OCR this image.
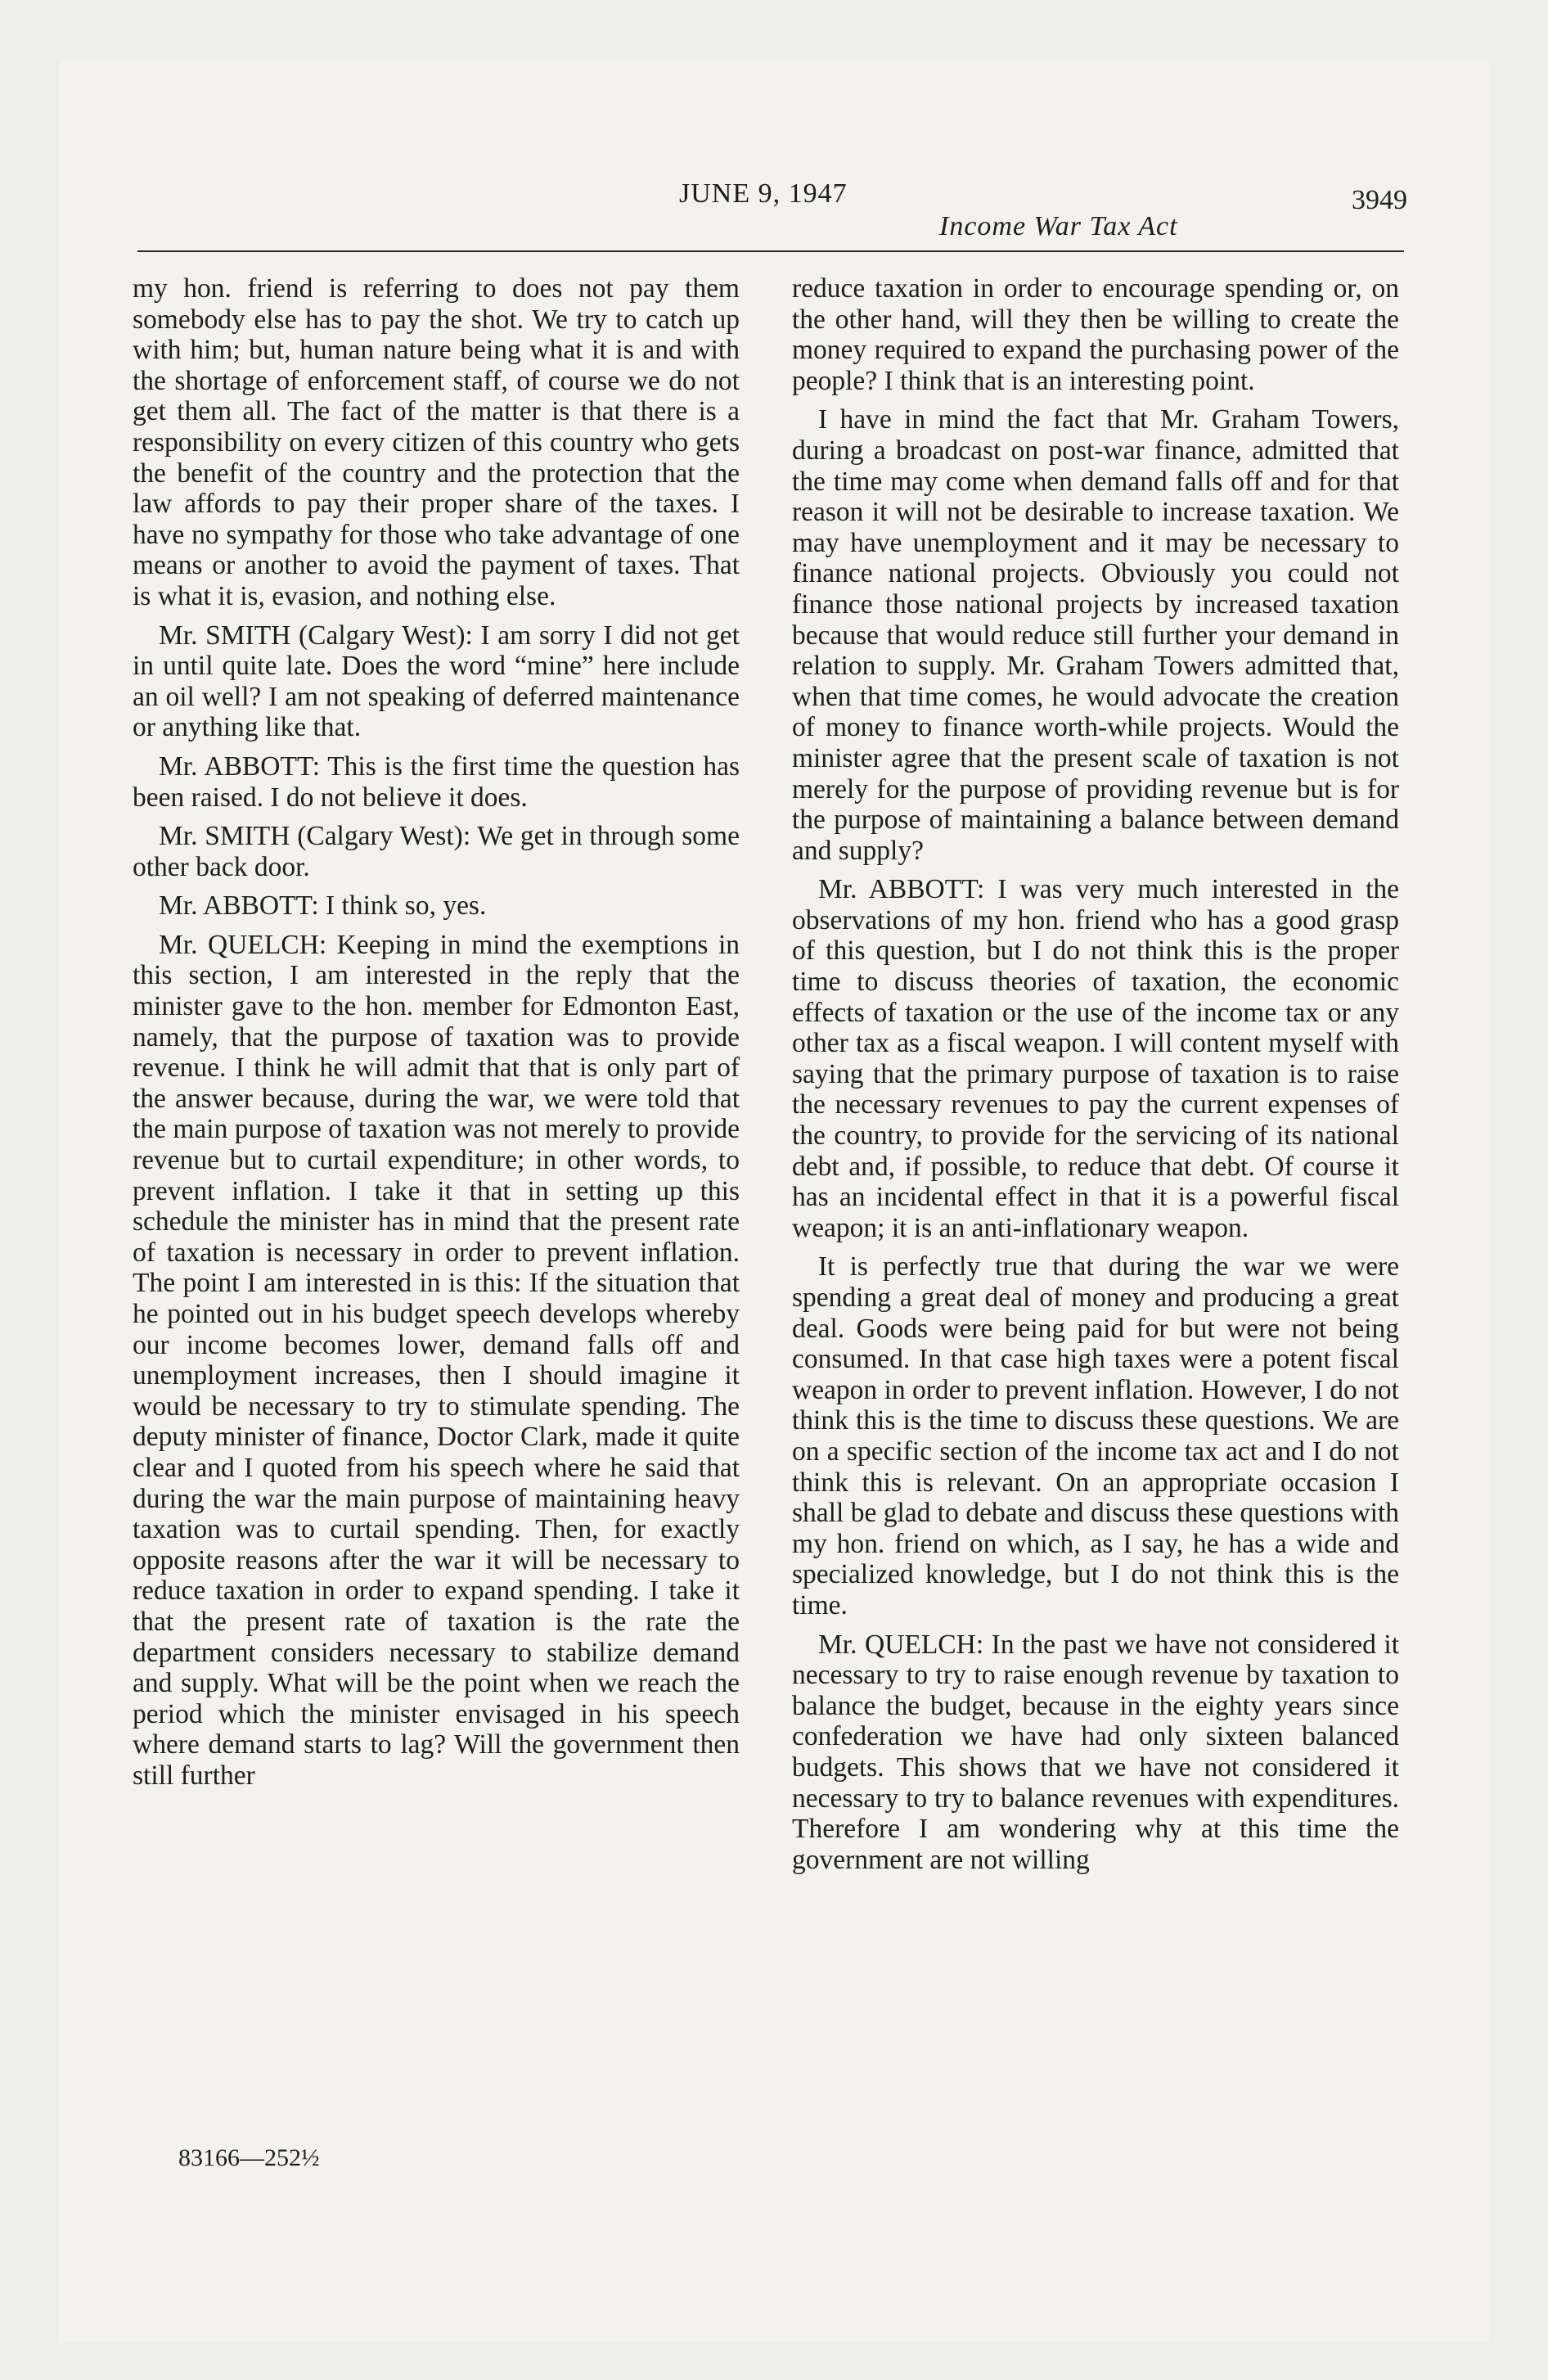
JUNE 9, 1947
Income War Tax Act
3949

my hon. friend is referring to does not pay them somebody else has to pay the shot. We try to catch up with him; but, human nature being what it is and with the shortage of enforcement staff, of course we do not get them all. The fact of the matter is that there is a responsibility on every citizen of this country who gets the benefit of the country and the protection that the law affords to pay their proper share of the taxes. I have no sympathy for those who take advantage of one means or another to avoid the payment of taxes. That is what it is, evasion, and nothing else.

Mr. SMITH (Calgary West): I am sorry I did not get in until quite late. Does the word “mine” here include an oil well? I am not speaking of deferred maintenance or anything like that.

Mr. ABBOTT: This is the first time the question has been raised. I do not believe it does.

Mr. SMITH (Calgary West): We get in through some other back door.

Mr. ABBOTT: I think so, yes.

Mr. QUELCH: Keeping in mind the exemptions in this section, I am interested in the reply that the minister gave to the hon. member for Edmonton East, namely, that the purpose of taxation was to provide revenue. I think he will admit that that is only part of the answer because, during the war, we were told that the main purpose of taxation was not merely to provide revenue but to curtail expenditure; in other words, to prevent inflation. I take it that in setting up this schedule the minister has in mind that the present rate of taxation is necessary in order to prevent inflation. The point I am interested in is this: If the situation that he pointed out in his budget speech develops whereby our income becomes lower, demand falls off and unemployment increases, then I should imagine it would be necessary to try to stimulate spending. The deputy minister of finance, Doctor Clark, made it quite clear and I quoted from his speech where he said that during the war the main purpose of maintaining heavy taxation was to curtail spending. Then, for exactly opposite reasons after the war it will be necessary to reduce taxation in order to expand spending. I take it that the present rate of taxation is the rate the department considers necessary to stabilize demand and supply. What will be the point when we reach the period which the minister envisaged in his speech where demand starts to lag? Will the government then still further

reduce taxation in order to encourage spending or, on the other hand, will they then be willing to create the money required to expand the purchasing power of the people? I think that is an interesting point.

I have in mind the fact that Mr. Graham Towers, during a broadcast on post-war finance, admitted that the time may come when demand falls off and for that reason it will not be desirable to increase taxation. We may have unemployment and it may be necessary to finance national projects. Obviously you could not finance those national projects by increased taxation because that would reduce still further your demand in relation to supply. Mr. Graham Towers admitted that, when that time comes, he would advocate the creation of money to finance worth-while projects. Would the minister agree that the present scale of taxation is not merely for the purpose of providing revenue but is for the purpose of maintaining a balance between demand and supply?

Mr. ABBOTT: I was very much interested in the observations of my hon. friend who has a good grasp of this question, but I do not think this is the proper time to discuss theories of taxation, the economic effects of taxation or the use of the income tax or any other tax as a fiscal weapon. I will content myself with saying that the primary purpose of taxation is to raise the necessary revenues to pay the current expenses of the country, to provide for the servicing of its national debt and, if possible, to reduce that debt. Of course it has an incidental effect in that it is a powerful fiscal weapon; it is an anti-inflationary weapon.

It is perfectly true that during the war we were spending a great deal of money and producing a great deal. Goods were being paid for but were not being consumed. In that case high taxes were a potent fiscal weapon in order to prevent inflation. However, I do not think this is the time to discuss these questions. We are on a specific section of the income tax act and I do not think this is relevant. On an appropriate occasion I shall be glad to debate and discuss these questions with my hon. friend on which, as I say, he has a wide and specialized knowledge, but I do not think this is the time.

Mr. QUELCH: In the past we have not considered it necessary to try to raise enough revenue by taxation to balance the budget, because in the eighty years since confederation we have had only sixteen balanced budgets. This shows that we have not considered it necessary to try to balance revenues with expenditures. Therefore I am wondering why at this time the government are not willing

83166—252½
